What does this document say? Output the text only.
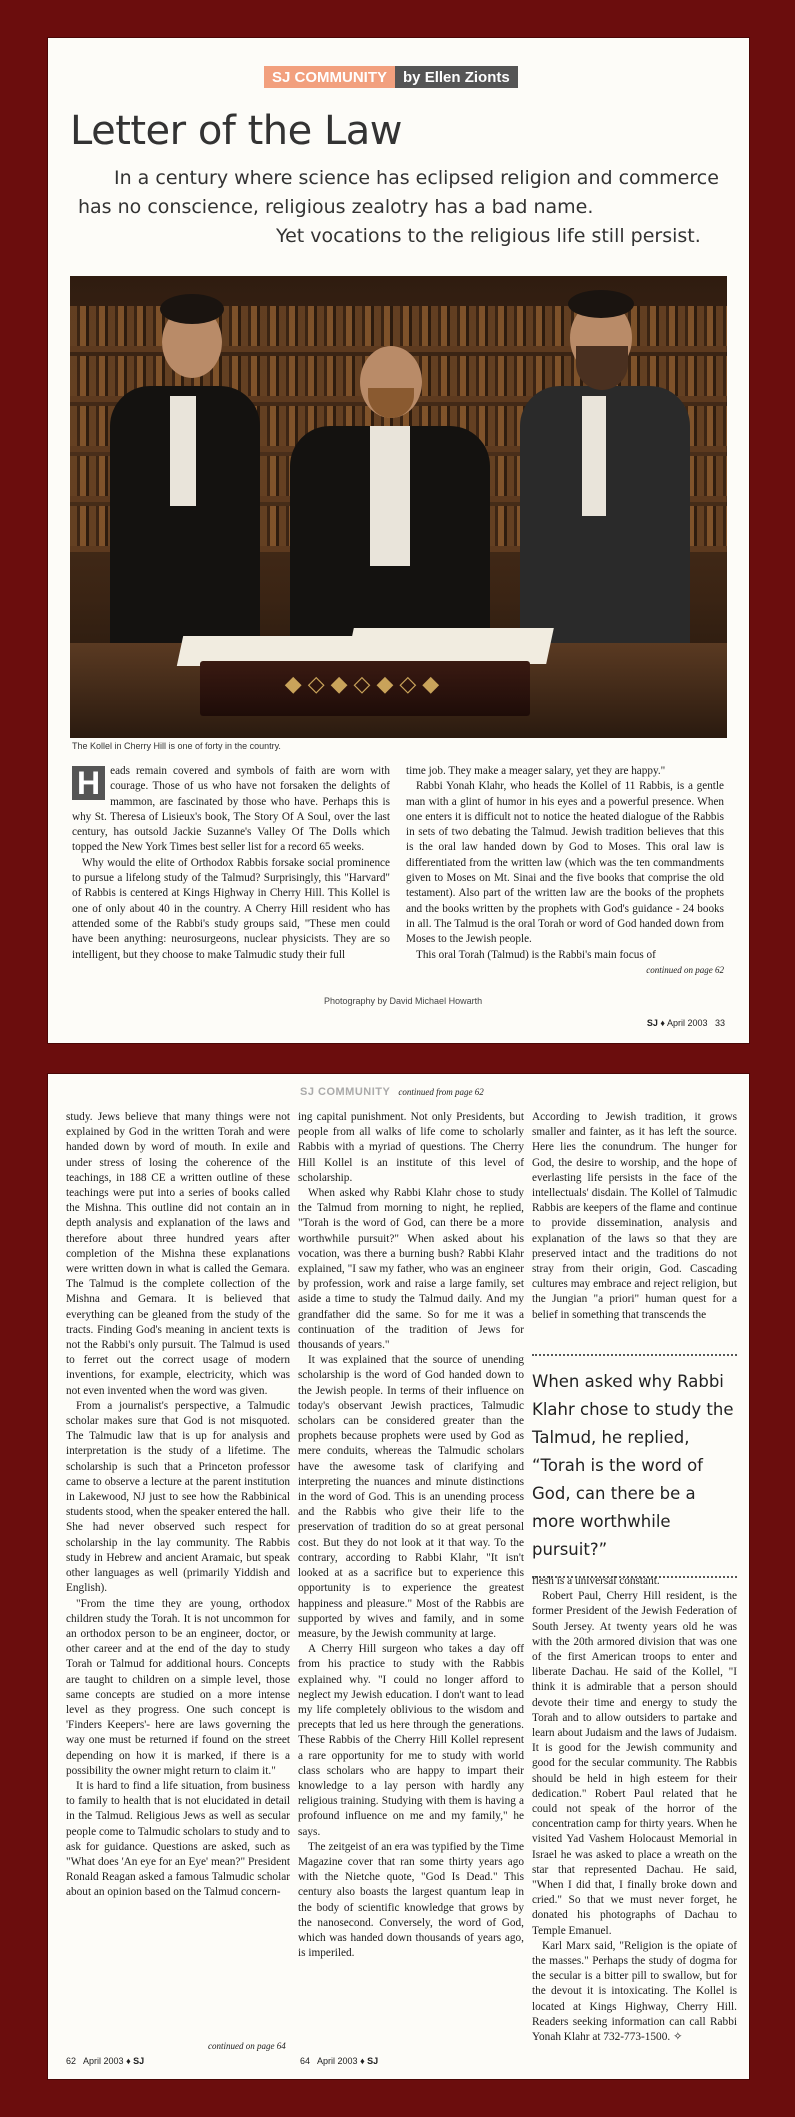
SJ COMMUNITY	by Ellen Zionts
Letter of the Law
In a century where science has eclipsed religion and commerce
has no conscience, religious zealotry has a bad name.
Yet vocations to the religious life still persist.
◆◇◆◇◆◇◆
The Kollel in Cherry Hill is one of forty in the country.

H eads remain covered and symbols of faith are worn with courage. Those of us who have not forsaken the delights of mammon, are fascinated by those who have. Perhaps this is why St. Theresa of Lisieux's book, The Story Of A Soul, over the last century, has outsold Jackie Suzanne's Valley Of The Dolls which topped the New York Times best seller list for a record 65 weeks.

Why would the elite of Orthodox Rabbis forsake social prominence to pursue a lifelong study of the Talmud? Surprisingly, this "Harvard" of Rabbis is centered at Kings Highway in Cherry Hill. This Kollel is one of only about 40 in the country. A Cherry Hill resident who has attended some of the Rabbi's study groups said, "These men could have been anything: neurosurgeons, nuclear physicists. They are so intelligent, but they choose to make Talmudic study their full

time job. They make a meager salary, yet they are happy."

Rabbi Yonah Klahr, who heads the Kollel of 11 Rabbis, is a gentle man with a glint of humor in his eyes and a powerful presence. When one enters it is difficult not to notice the heated dialogue of the Rabbis in sets of two debating the Talmud. Jewish tradition believes that this is the oral law handed down by God to Moses. This oral law is differentiated from the written law (which was the ten commandments given to Moses on Mt. Sinai and the five books that comprise the old testament). Also part of the written law are the books of the prophets and the books written by the prophets with God's guidance - 24 books in all. The Talmud is the oral Torah or word of God handed down from Moses to the Jewish people.

This oral Torah (Talmud) is the Rabbi's main focus of

continued on page 62
Photography by David Michael Howarth
SJ ♦ April 2003 33
SJ COMMUNITY continued from page 62

study. Jews believe that many things were not explained by God in the written Torah and were handed down by word of mouth. In exile and under stress of losing the coherence of the teachings, in 188 CE a written outline of these teachings were put into a series of books called the Mishna. This outline did not contain an in depth analysis and explanation of the laws and therefore about three hundred years after completion of the Mishna these explanations were written down in what is called the Gemara. The Talmud is the complete collection of the Mishna and Gemara. It is believed that everything can be gleaned from the study of the tracts. Finding God's meaning in ancient texts is not the Rabbi's only pursuit. The Talmud is used to ferret out the correct usage of modern inventions, for example, electricity, which was not even invented when the word was given.

From a journalist's perspective, a Talmudic scholar makes sure that God is not misquoted. The Talmudic law that is up for analysis and interpretation is the study of a lifetime. The scholarship is such that a Princeton professor came to observe a lecture at the parent institution in Lakewood, NJ just to see how the Rabbinical students stood, when the speaker entered the hall. She had never observed such respect for scholarship in the lay community. The Rabbis study in Hebrew and ancient Aramaic, but speak other languages as well (primarily Yiddish and English).

"From the time they are young, orthodox children study the Torah. It is not uncommon for an orthodox person to be an engineer, doctor, or other career and at the end of the day to study Torah or Talmud for additional hours. Concepts are taught to children on a simple level, those same concepts are studied on a more intense level as they progress. One such concept is 'Finders Keepers'- here are laws governing the way one must be returned if found on the street depending on how it is marked, if there is a possibility the owner might return to claim it."

It is hard to find a life situation, from business to family to health that is not elucidated in detail in the Talmud. Religious Jews as well as secular people come to Talmudic scholars to study and to ask for guidance. Questions are asked, such as "What does 'An eye for an Eye' mean?" President Ronald Reagan asked a famous Talmudic scholar about an opinion based on the Talmud concern-

continued on page 64

ing capital punishment. Not only Presidents, but people from all walks of life come to scholarly Rabbis with a myriad of questions. The Cherry Hill Kollel is an institute of this level of scholarship.

When asked why Rabbi Klahr chose to study the Talmud from morning to night, he replied, "Torah is the word of God, can there be a more worthwhile pursuit?" When asked about his vocation, was there a burning bush? Rabbi Klahr explained, "I saw my father, who was an engineer by profession, work and raise a large family, set aside a time to study the Talmud daily. And my grandfather did the same. So for me it was a continuation of the tradition of Jews for thousands of years."

It was explained that the source of unending scholarship is the word of God handed down to the Jewish people. In terms of their influence on today's observant Jewish practices, Talmudic scholars can be considered greater than the prophets because prophets were used by God as mere conduits, whereas the Talmudic scholars have the awesome task of clarifying and interpreting the nuances and minute distinctions in the word of God. This is an unending process and the Rabbis who give their life to the preservation of tradition do so at great personal cost. But they do not look at it that way. To the contrary, according to Rabbi Klahr, "It isn't looked at as a sacrifice but to experience this opportunity is to experience the greatest happiness and pleasure." Most of the Rabbis are supported by wives and family, and in some measure, by the Jewish community at large.

A Cherry Hill surgeon who takes a day off from his practice to study with the Rabbis explained why. "I could no longer afford to neglect my Jewish education. I don't want to lead my life completely oblivious to the wisdom and precepts that led us here through the generations. These Rabbis of the Cherry Hill Kollel represent a rare opportunity for me to study with world class scholars who are happy to impart their knowledge to a lay person with hardly any religious training. Studying with them is having a profound influence on me and my family," he says.

The zeitgeist of an era was typified by the Time Magazine cover that ran some thirty years ago with the Nietche quote, "God Is Dead." This century also boasts the largest quantum leap in the body of scientific knowledge that grows by the nanosecond. Conversely, the word of God, which was handed down thousands of years ago, is imperiled.

According to Jewish tradition, it grows smaller and fainter, as it has left the source. Here lies the conundrum. The hunger for God, the desire to worship, and the hope of everlasting life persists in the face of the intellectuals' disdain. The Kollel of Talmudic Rabbis are keepers of the flame and continue to provide dissemination, analysis and explanation of the laws so that they are preserved intact and the traditions do not stray from their origin, God. Cascading cultures may embrace and reject religion, but the Jungian "a priori" human quest for a belief in something that transcends the

When asked why Rabbi Klahr chose to study the Talmud, he replied, “Torah is the word of God, can there be a more worthwhile pursuit?”

flesh is a universal constant.

Robert Paul, Cherry Hill resident, is the former President of the Jewish Federation of South Jersey. At twenty years old he was with the 20th armored division that was one of the first American troops to enter and liberate Dachau. He said of the Kollel, "I think it is admirable that a person should devote their time and energy to study the Torah and to allow outsiders to partake and learn about Judaism and the laws of Judaism. It is good for the Jewish community and good for the secular community. The Rabbis should be held in high esteem for their dedication." Robert Paul related that he could not speak of the horror of the concentration camp for thirty years. When he visited Yad Vashem Holocaust Memorial in Israel he was asked to place a wreath on the star that represented Dachau. He said, "When I did that, I finally broke down and cried." So that we must never forget, he donated his photographs of Dachau to Temple Emanuel.

Karl Marx said, "Religion is the opiate of the masses." Perhaps the study of dogma for the secular is a bitter pill to swallow, but for the devout it is intoxicating. The Kollel is located at Kings Highway, Cherry Hill. Readers seeking information can call Rabbi Yonah Klahr at 732-773-1500. ✧

62 April 2003 ♦ SJ	64 April 2003 ♦ SJ
